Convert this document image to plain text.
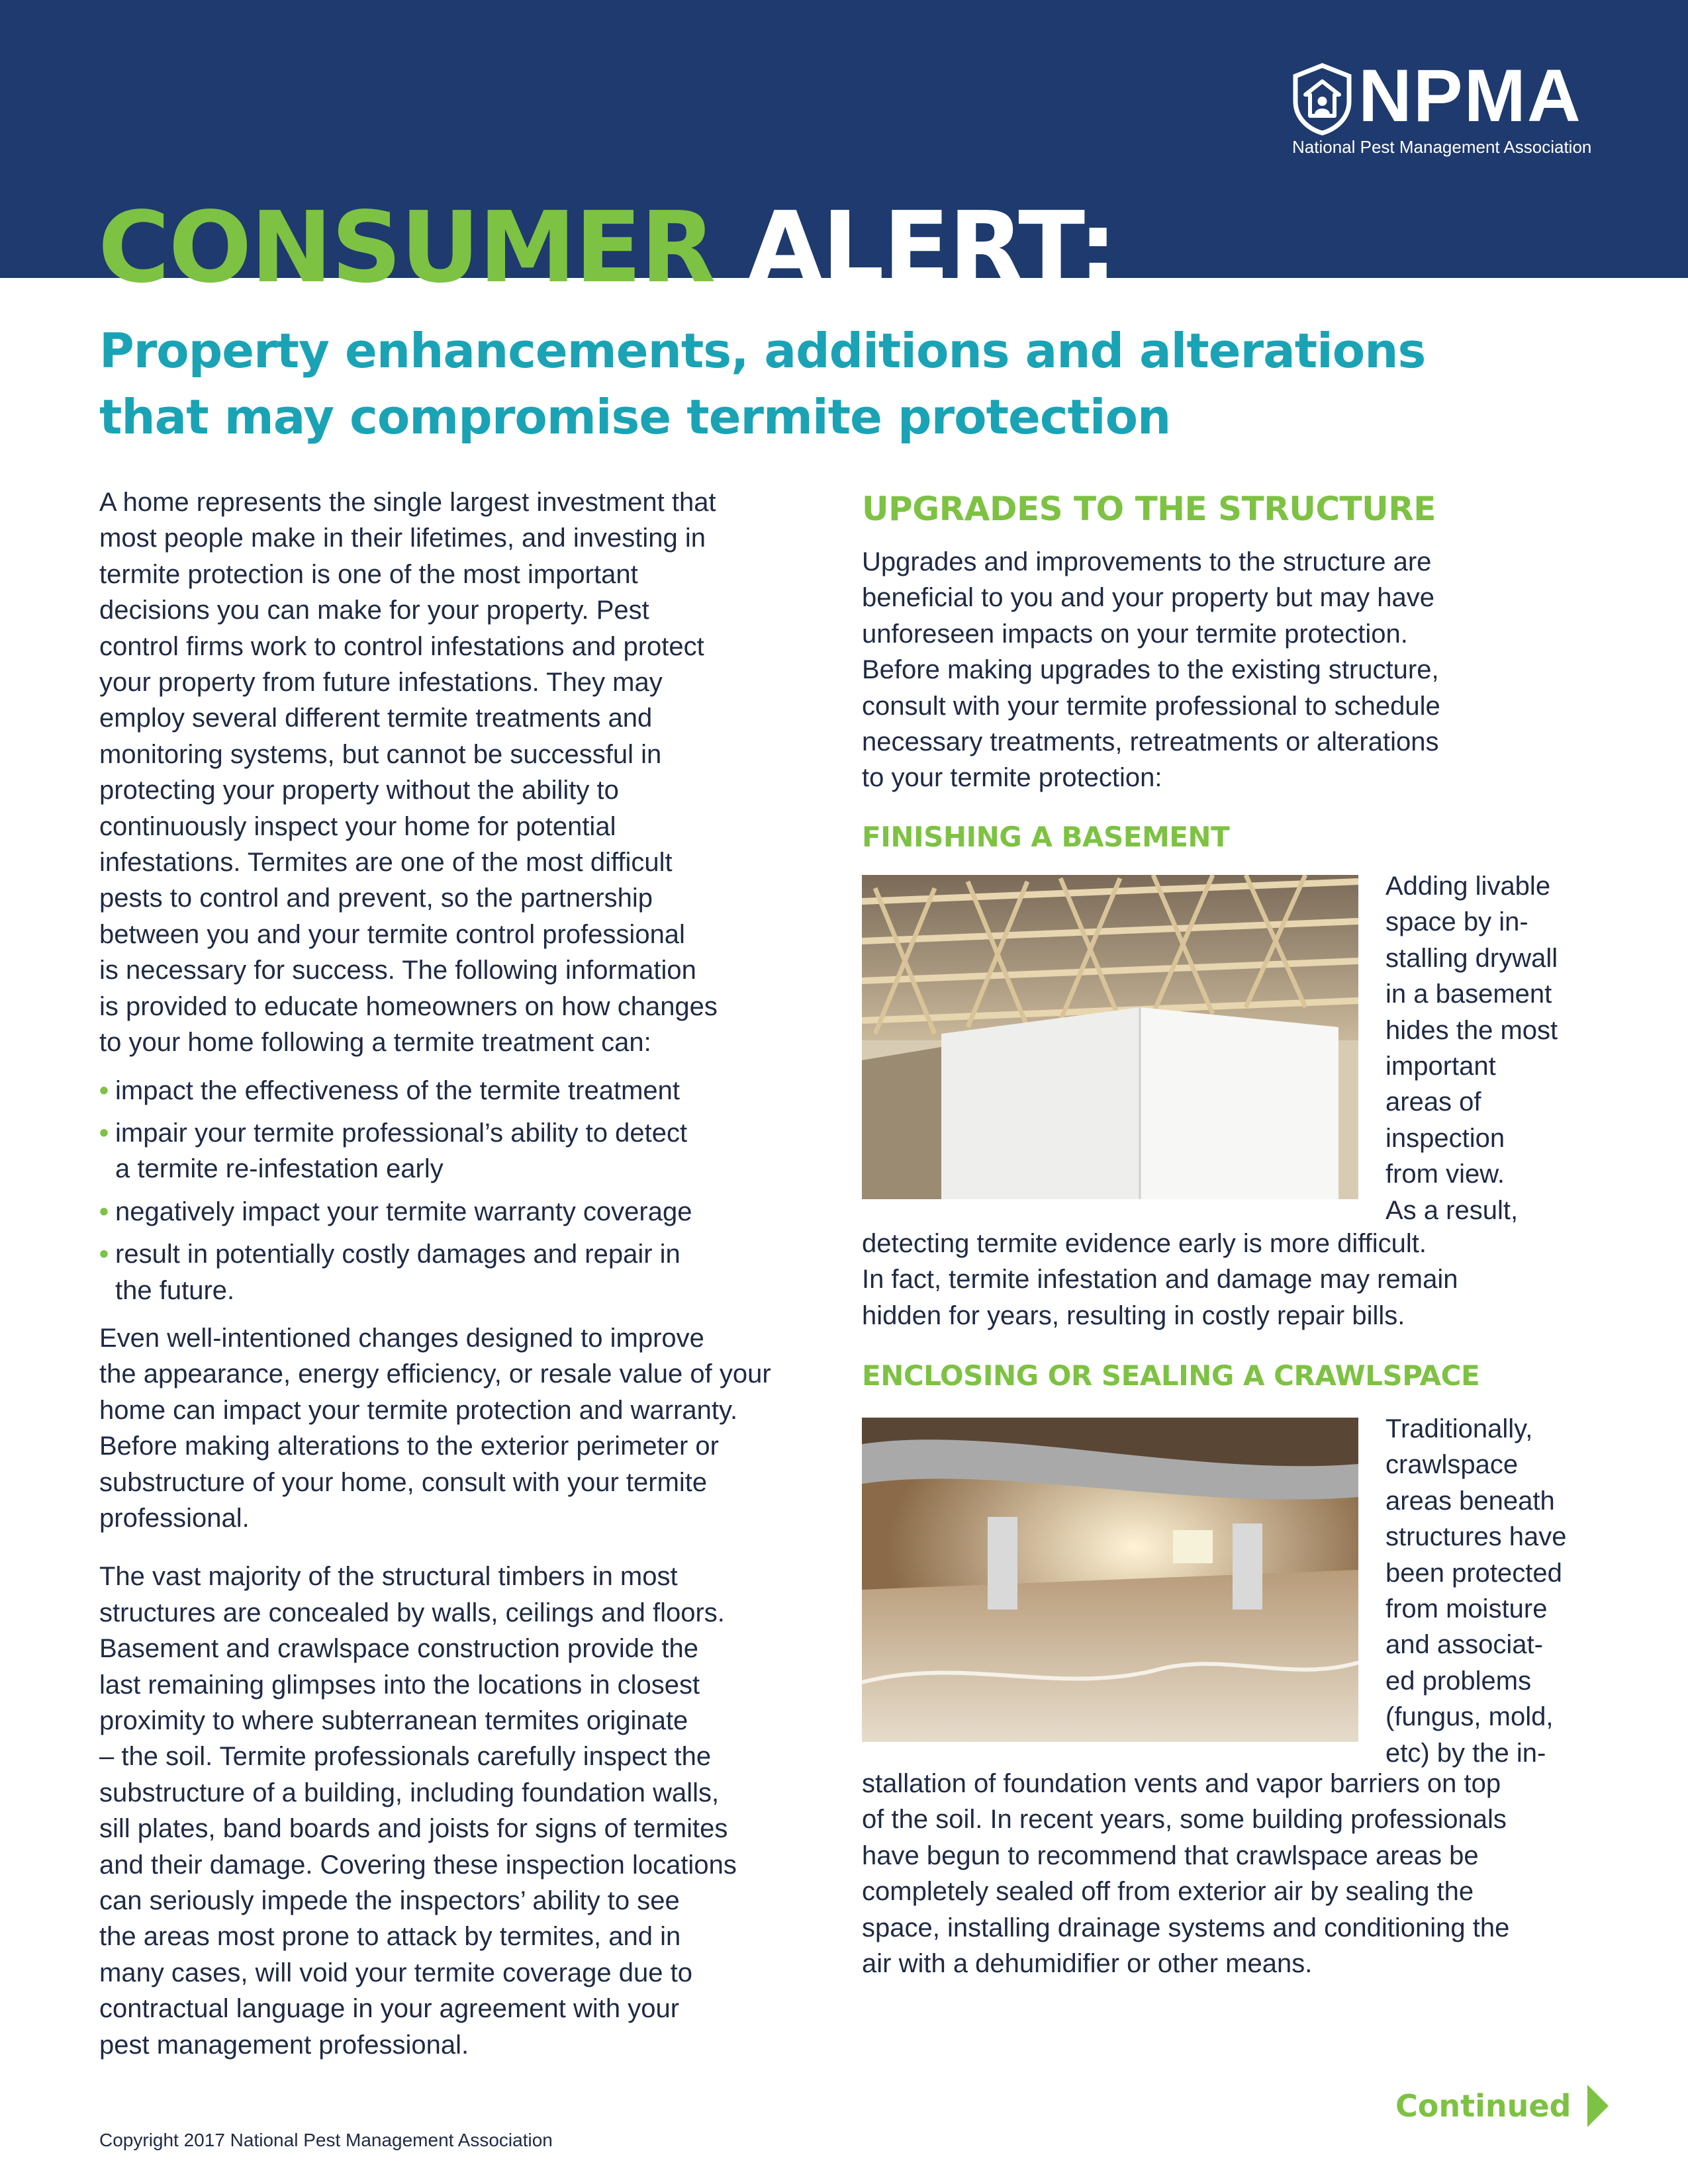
NPMA
National Pest Management Association
CONSUMER ALERT:
Property enhancements, additions and alterations
that may compromise termite protection

A home represents the single largest investment that
most people make in their lifetimes, and investing in
termite protection is one of the most important
decisions you can make for your property. Pest
control firms work to control infestations and protect
your property from future infestations. They may
employ several different termite treatments and
monitoring systems, but cannot be successful in
protecting your property without the ability to
continuously inspect your home for potential
infestations. Termites are one of the most difficult
pests to control and prevent, so the partnership
between you and your termite control professional
is necessary for success. The following information
is provided to educate homeowners on how changes
to your home following a termite treatment can:

• impact the effectiveness of the termite treatment
• impair your termite professional’s ability to detect
a termite re-infestation early
• negatively impact your termite warranty coverage
• result in potentially costly damages and repair in
the future.

Even well-intentioned changes designed to improve
the appearance, energy efficiency, or resale value of your
home can impact your termite protection and warranty.
Before making alterations to the exterior perimeter or
substructure of your home, consult with your termite
professional.

The vast majority of the structural timbers in most
structures are concealed by walls, ceilings and floors.
Basement and crawlspace construction provide the
last remaining glimpses into the locations in closest
proximity to where subterranean termites originate
– the soil. Termite professionals carefully inspect the
substructure of a building, including foundation walls,
sill plates, band boards and joists for signs of termites
and their damage. Covering these inspection locations
can seriously impede the inspectors’ ability to see
the areas most prone to attack by termites, and in
many cases, will void your termite coverage due to
contractual language in your agreement with your
pest management professional.

UPGRADES TO THE STRUCTURE

Upgrades and improvements to the structure are
beneficial to you and your property but may have
unforeseen impacts on your termite protection.
Before making upgrades to the existing structure,
consult with your termite professional to schedule
necessary treatments, retreatments or alterations
to your termite protection:

FINISHING A BASEMENT

Adding livable
space by in-
stalling drywall
in a basement
hides the most
important
areas of
inspection
from view.
As a result,

detecting termite evidence early is more difficult.
In fact, termite infestation and damage may remain
hidden for years, resulting in costly repair bills.

ENCLOSING OR SEALING A CRAWLSPACE

Traditionally,
crawlspace
areas beneath
structures have
been protected
from moisture
and associat-
ed problems
(fungus, mold,
etc) by the in-

stallation of foundation vents and vapor barriers on top
of the soil. In recent years, some building professionals
have begun to recommend that crawlspace areas be
completely sealed off from exterior air by sealing the
space, installing drainage systems and conditioning the
air with a dehumidifier or other means.

Continued
Copyright 2017 National Pest Management Association
